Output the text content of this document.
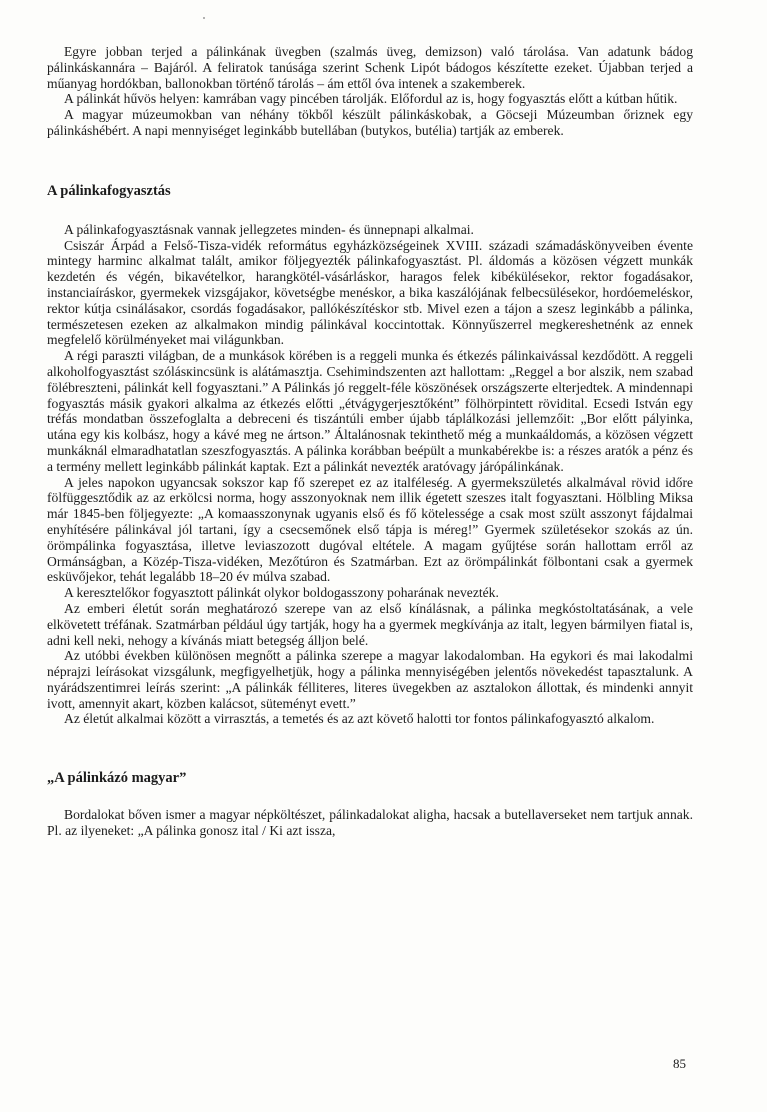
Egyre jobban terjed a pálinkának üvegben (szalmás üveg, demizson) való tárolása. Van adatunk bádog pálinkáskannára – Bajáról. A feliratok tanúsága szerint Schenk Lipót bádogos készítette ezeket. Újabban terjed a műanyag hordókban, ballonokban történő tárolás – ám ettől óva intenek a szakemberek.

A pálinkát hűvös helyen: kamrában vagy pincében tárolják. Előfordul az is, hogy fogyasztás előtt a kútban hűtik.

A magyar múzeumokban van néhány tökből készült pálinkáskobak, a Göcseji Múzeumban őriznek egy pálinkáshébért. A napi mennyiséget leginkább butellában (butykos, butélia) tartják az emberek.

A pálinkafogyasztás

A pálinkafogyasztásnak vannak jellegzetes minden- és ünnepnapi alkalmai.

Csiszár Árpád a Felső-Tisza-vidék református egyházközségeinek XVIII. századi számadáskönyveiben évente mintegy harminc alkalmat talált, amikor följegyezték pálinkafogyasztást. Pl. áldomás a közösen végzett munkák kezdetén és végén, bikavételkor, harangkötél-vásárláskor, haragos felek kibékülésekor, rektor fogadásakor, instanciaíráskor, gyermekek vizsgájakor, követségbe menéskor, a bika kaszálójának felbecsülésekor, hordóemeléskor, rektor kútja csinálásakor, csordás fogadásakor, pallókészítéskor stb. Mivel ezen a tájon a szesz leginkább a pálinka, természetesen ezeken az alkalmakon mindig pálinkával koccintottak. Könnyűszerrel megkereshetnénk az ennek megfelelő körülményeket mai világunkban.

A régi paraszti világban, de a munkások körében is a reggeli munka és étkezés pálinkaivással kezdődött. A reggeli alkoholfogyasztást szólásкincsünk is alátámasztja. Csehimindszenten azt hallottam: „Reggel a bor alszik, nem szabad fölébreszteni, pálinkát kell fogyasztani.” A Pálinkás jó reggelt-féle köszönések országszerte elterjedtek. A mindennapi fogyasztás másik gyakori alkalma az étkezés előtti „étvágygerjesztőként” fölhörpintett rövidital. Ecsedi István egy tréfás mondatban összefoglalta a debreceni és tiszántúli ember újabb táplálkozási jellemzőit: „Bor előtt pályinka, utána egy kis kolbász, hogy a kávé meg ne ártson.” Általánosnak tekinthető még a munkaáldomás, a közösen végzett munkáknál elmaradhatatlan szeszfogyasztás. A pálinka korábban beépült a munkabérekbe is: a részes aratók a pénz és a termény mellett leginkább pálinkát kaptak. Ezt a pálinkát nevezték aratóvagy járópálinkának.

A jeles napokon ugyancsak sokszor kap fő szerepet ez az italféleség. A gyermekszületés alkalmával rövid időre fölfüggesztődik az az erkölcsi norma, hogy asszonyoknak nem illik égetett szeszes italt fogyasztani. Hölbling Miksa már 1845-ben följegyezte: „A komaasszonynak ugyanis első és fő kötelessége a csak most szült asszonyt fájdalmai enyhítésére pálinkával jól tartani, így a csecsemőnek első tápja is méreg!” Gyermek születésekor szokás az ún. örömpálinka fogyasztása, illetve leviaszozott dugóval eltétele. A magam gyűjtése során hallottam erről az Ormánságban, a Közép-Tisza-vidéken, Mezőtúron és Szatmárban. Ezt az örömpálinkát fölbontani csak a gyermek esküvőjekor, tehát legalább 18–20 év múlva szabad.

A keresztelőkor fogyasztott pálinkát olykor boldogasszony poharának nevezték.

Az emberi életút során meghatározó szerepe van az első kínálásnak, a pálinka megkóstoltatásának, a vele elkövetett tréfának. Szatmárban például úgy tartják, hogy ha a gyermek megkívánja az italt, legyen bármilyen fiatal is, adni kell neki, nehogy a kívánás miatt betegség álljon belé.

Az utóbbi években különösen megnőtt a pálinka szerepe a magyar lakodalomban. Ha egykori és mai lakodalmi néprajzi leírásokat vizsgálunk, megfigyelhetjük, hogy a pálinka mennyiségében jelentős növekedést tapasztalunk. A nyárádszentimrei leírás szerint: „A pálinkák félliteres, literes üvegekben az asztalokon állottak, és mindenki annyit ivott, amennyit akart, közben kalácsot, süteményt evett.”

Az életút alkalmai között a virrasztás, a temetés és az azt követő halotti tor fontos pálinkafogyasztó alkalom.

„A pálinkázó magyar”

Bordalokat bőven ismer a magyar népköltészet, pálinkadalokat aligha, hacsak a butellaverseket nem tartjuk annak. Pl. az ilyeneket: „A pálinka gonosz ital / Ki azt issza,

85
